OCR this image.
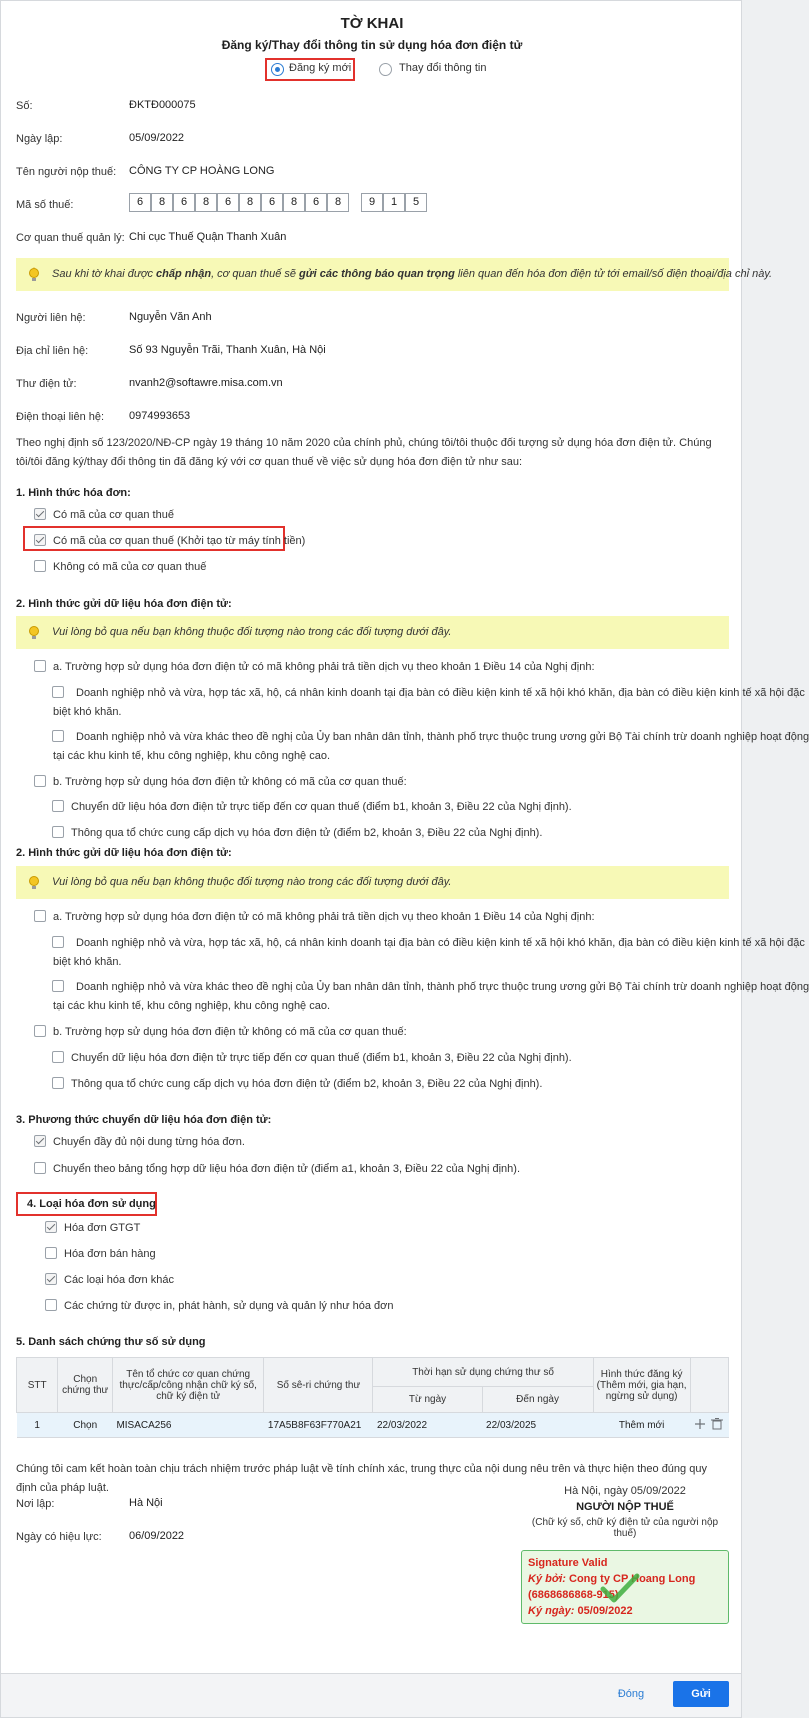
TỜ KHAI
Đăng ký/Thay đổi thông tin sử dụng hóa đơn điện tử
Đăng ký mới	Thay đổi thông tin
Số:	ĐKTĐ000075
Ngày lập:	05/09/2022
Tên người nộp thuế: CÔNG TY CP HOÀNG LONG
Mã số thuế:	6	8	6	8	6	8	6	8	6	8	9	1	5
Cơ quan thuế quản lý: Chi cục Thuế Quận Thanh Xuân
Sau khi tờ khai được chấp nhận, cơ quan thuế sẽ gửi các thông báo quan trọng liên quan đến hóa đơn điện tử tới email/số điện thoại/địa chỉ này.
Người liên hệ:	Nguyễn Văn Anh
Địa chỉ liên hệ:	Số 93 Nguyễn Trãi, Thanh Xuân, Hà Nội
Thư điện tử:	nvanh2@softawre.misa.com.vn
Điện thoại liên hệ: 0974993653
Theo nghị định số 123/2020/NĐ-CP ngày 19 tháng 10 năm 2020 của chính phủ, chúng tôi/tôi thuộc đối tượng sử dụng hóa đơn điện tử. Chúng tôi/tôi đăng ký/thay đổi thông tin đã đăng ký với cơ quan thuế về việc sử dụng hóa đơn điện tử như sau:
1. Hình thức hóa đơn:
Có mã của cơ quan thuế
Có mã của cơ quan thuế (Khởi tạo từ máy tính tiền)
Không có mã của cơ quan thuế
2. Hình thức gửi dữ liệu hóa đơn điện tử:
Vui lòng bỏ qua nếu bạn không thuộc đối tượng nào trong các đối tượng dưới đây.
a. Trường hợp sử dụng hóa đơn điện tử có mã không phải trả tiền dịch vụ theo khoản 1 Điều 14 của Nghị định:
Doanh nghiệp nhỏ và vừa, hợp tác xã, hộ, cá nhân kinh doanh tại địa bàn có điều kiện kinh tế xã hội khó khăn, địa bàn có điều kiện kinh tế xã hội đặc
biệt khó khăn.
Doanh nghiệp nhỏ và vừa khác theo đề nghị của Ủy ban nhân dân tỉnh, thành phố trực thuộc trung ương gửi Bộ Tài chính trừ doanh nghiệp hoạt động
tại các khu kinh tế, khu công nghiệp, khu công nghệ cao.
b. Trường hợp sử dụng hóa đơn điện tử không có mã của cơ quan thuế:
Chuyển dữ liệu hóa đơn điện tử trực tiếp đến cơ quan thuế (điểm b1, khoản 3, Điều 22 của Nghị định).
Thông qua tổ chức cung cấp dịch vụ hóa đơn điện tử (điểm b2, khoản 3, Điều 22 của Nghị định).
2. Hình thức gửi dữ liệu hóa đơn điện tử:
Vui lòng bỏ qua nếu bạn không thuộc đối tượng nào trong các đối tượng dưới đây.
a. Trường hợp sử dụng hóa đơn điện tử có mã không phải trả tiền dịch vụ theo khoản 1 Điều 14 của Nghị định:
Doanh nghiệp nhỏ và vừa, hợp tác xã, hộ, cá nhân kinh doanh tại địa bàn có điều kiện kinh tế xã hội khó khăn, địa bàn có điều kiện kinh tế xã hội đặc
biệt khó khăn.
Doanh nghiệp nhỏ và vừa khác theo đề nghị của Ủy ban nhân dân tỉnh, thành phố trực thuộc trung ương gửi Bộ Tài chính trừ doanh nghiệp hoạt động
tại các khu kinh tế, khu công nghiệp, khu công nghệ cao.
b. Trường hợp sử dụng hóa đơn điện tử không có mã của cơ quan thuế:
Chuyển dữ liệu hóa đơn điện tử trực tiếp đến cơ quan thuế (điểm b1, khoản 3, Điều 22 của Nghị định).
Thông qua tổ chức cung cấp dịch vụ hóa đơn điện tử (điểm b2, khoản 3, Điều 22 của Nghị định).
3. Phương thức chuyển dữ liệu hóa đơn điện tử:
Chuyển đầy đủ nội dung từng hóa đơn.
Chuyển theo bảng tổng hợp dữ liệu hóa đơn điện tử (điểm a1, khoản 3, Điều 22 của Nghị định).
4. Loại hóa đơn sử dụng
Hóa đơn GTGT
Hóa đơn bán hàng
Các loại hóa đơn khác
Các chứng từ được in, phát hành, sử dụng và quản lý như hóa đơn
5. Danh sách chứng thư số sử dụng
STT	Chọn chứng thư	Tên tổ chức cơ quan chứng thực/cấp/công nhận chữ ký số, chữ ký điện tử	Số sê-ri chứng thư	Thời hạn sử dụng chứng thư số		Hình thức đăng ký (Thêm mới, gia hạn, ngừng sử dụng)	
				Từ ngày	Đến ngày		
1	Chọn	MISACA256	17A5B8F63F770A21	22/03/2022	22/03/2025	Thêm mới	
Chúng tôi cam kết hoàn toàn chịu trách nhiệm trước pháp luật về tính chính xác, trung thực của nội dung nêu trên và thực hiện theo đúng quy định của pháp luật.
Nơi lập:	Hà Nội
Ngày có hiệu lực: 06/09/2022
Hà Nội, ngày 05/09/2022
NGƯỜI NỘP THUẾ
(Chữ ký số, chữ ký điện tử của người nộp thuế)
Signature Valid
Ký bởi: Cong ty CP Hoang Long
(6868686868-915)
Ký ngày: 05/09/2022
Đóng	Gửi
